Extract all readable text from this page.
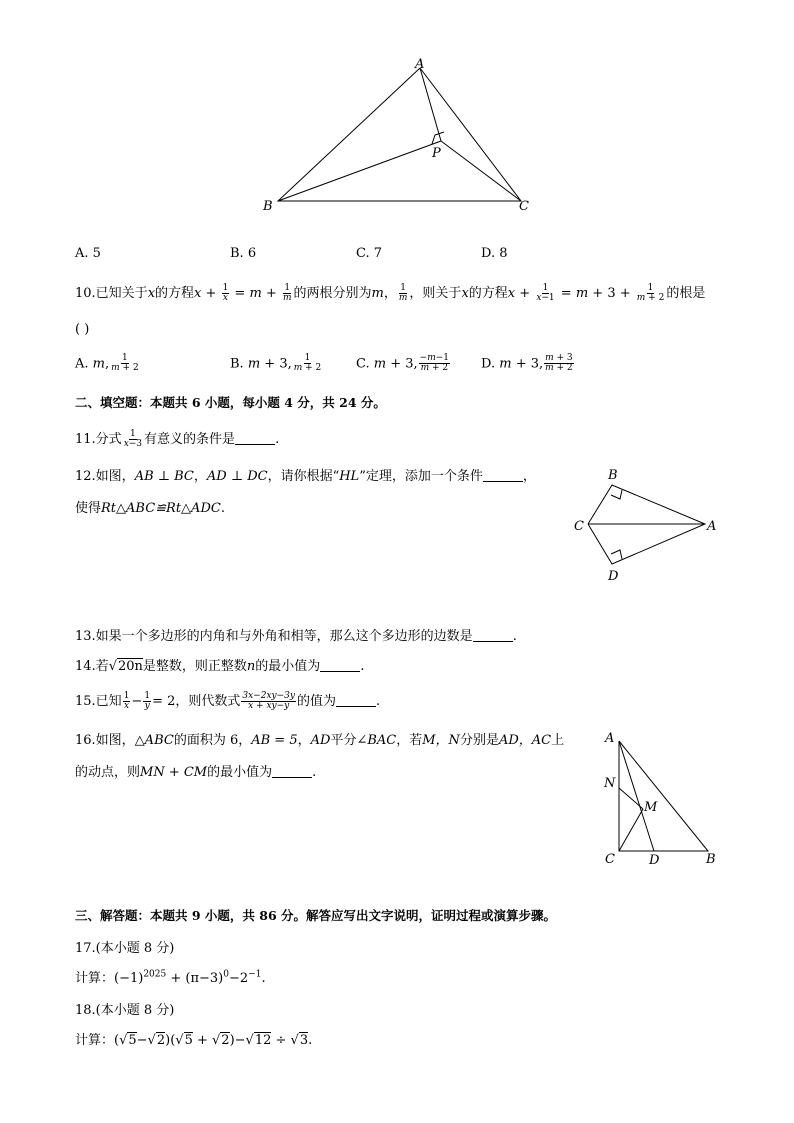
A
B	C
P
A. 5	B. 6	C. 7	D. 8
10.已知关于x的方程$x + \frac{1}{x} = m + \frac{1}{m}$ 的两根分别为m， $\frac{1}{m}$ ，则关于x的方程$x + \frac{1}{x-1} = m + 3 + \frac{1}{m + 2}$ 的根是
( )
A. m, $\frac{1}{m + 2}$	B. m + 3, $\frac{1}{m + 2}$	C. m + 3, $\frac{-m-1}{m + 2} D$. m + 3, $\frac{m + 3}{m + 2}$
二、填空题：本题共 6 小题，每小题 4 分，共 24 分。
11.分式 $\frac{1}{x-3}$ 有意义的条件是	.
12.如图，AB ⊥ BC，AD ⊥ DC，请你根据“HL”定理，添加一个条件	，
使得Rt△ABC≌Rt△ADC.
B
C	A
D
13.如果一个多边形的内角和与外角和相等，那么这个多边形的边数是	.
14.若√20n是整数，则正整数n的最小值为	.
15.已知 $\frac{1}{x} - \frac{1}{y} = 2$，则代数式 $\frac{3x-2xy-3y}{x + xy-y}$ 的值为	.
16.如图，△ABC的面积为 6，AB = 5，AD平分∠BAC，若M，N分别是AD，AC上
的动点，则MN + CM的最小值为	.
A
N
M
C	D	B
三、解答题：本题共 9 小题，共 86 分。解答应写出文字说明，证明过程或演算步骤。
17.(本小题 8 分)
计算：$(-1)^{2025} + (\pi-3)^0-2^{-1}$.
18.(本小题 8 分)
计算：(√5−√2)(√5 + √2)−√12 ÷ √3.
